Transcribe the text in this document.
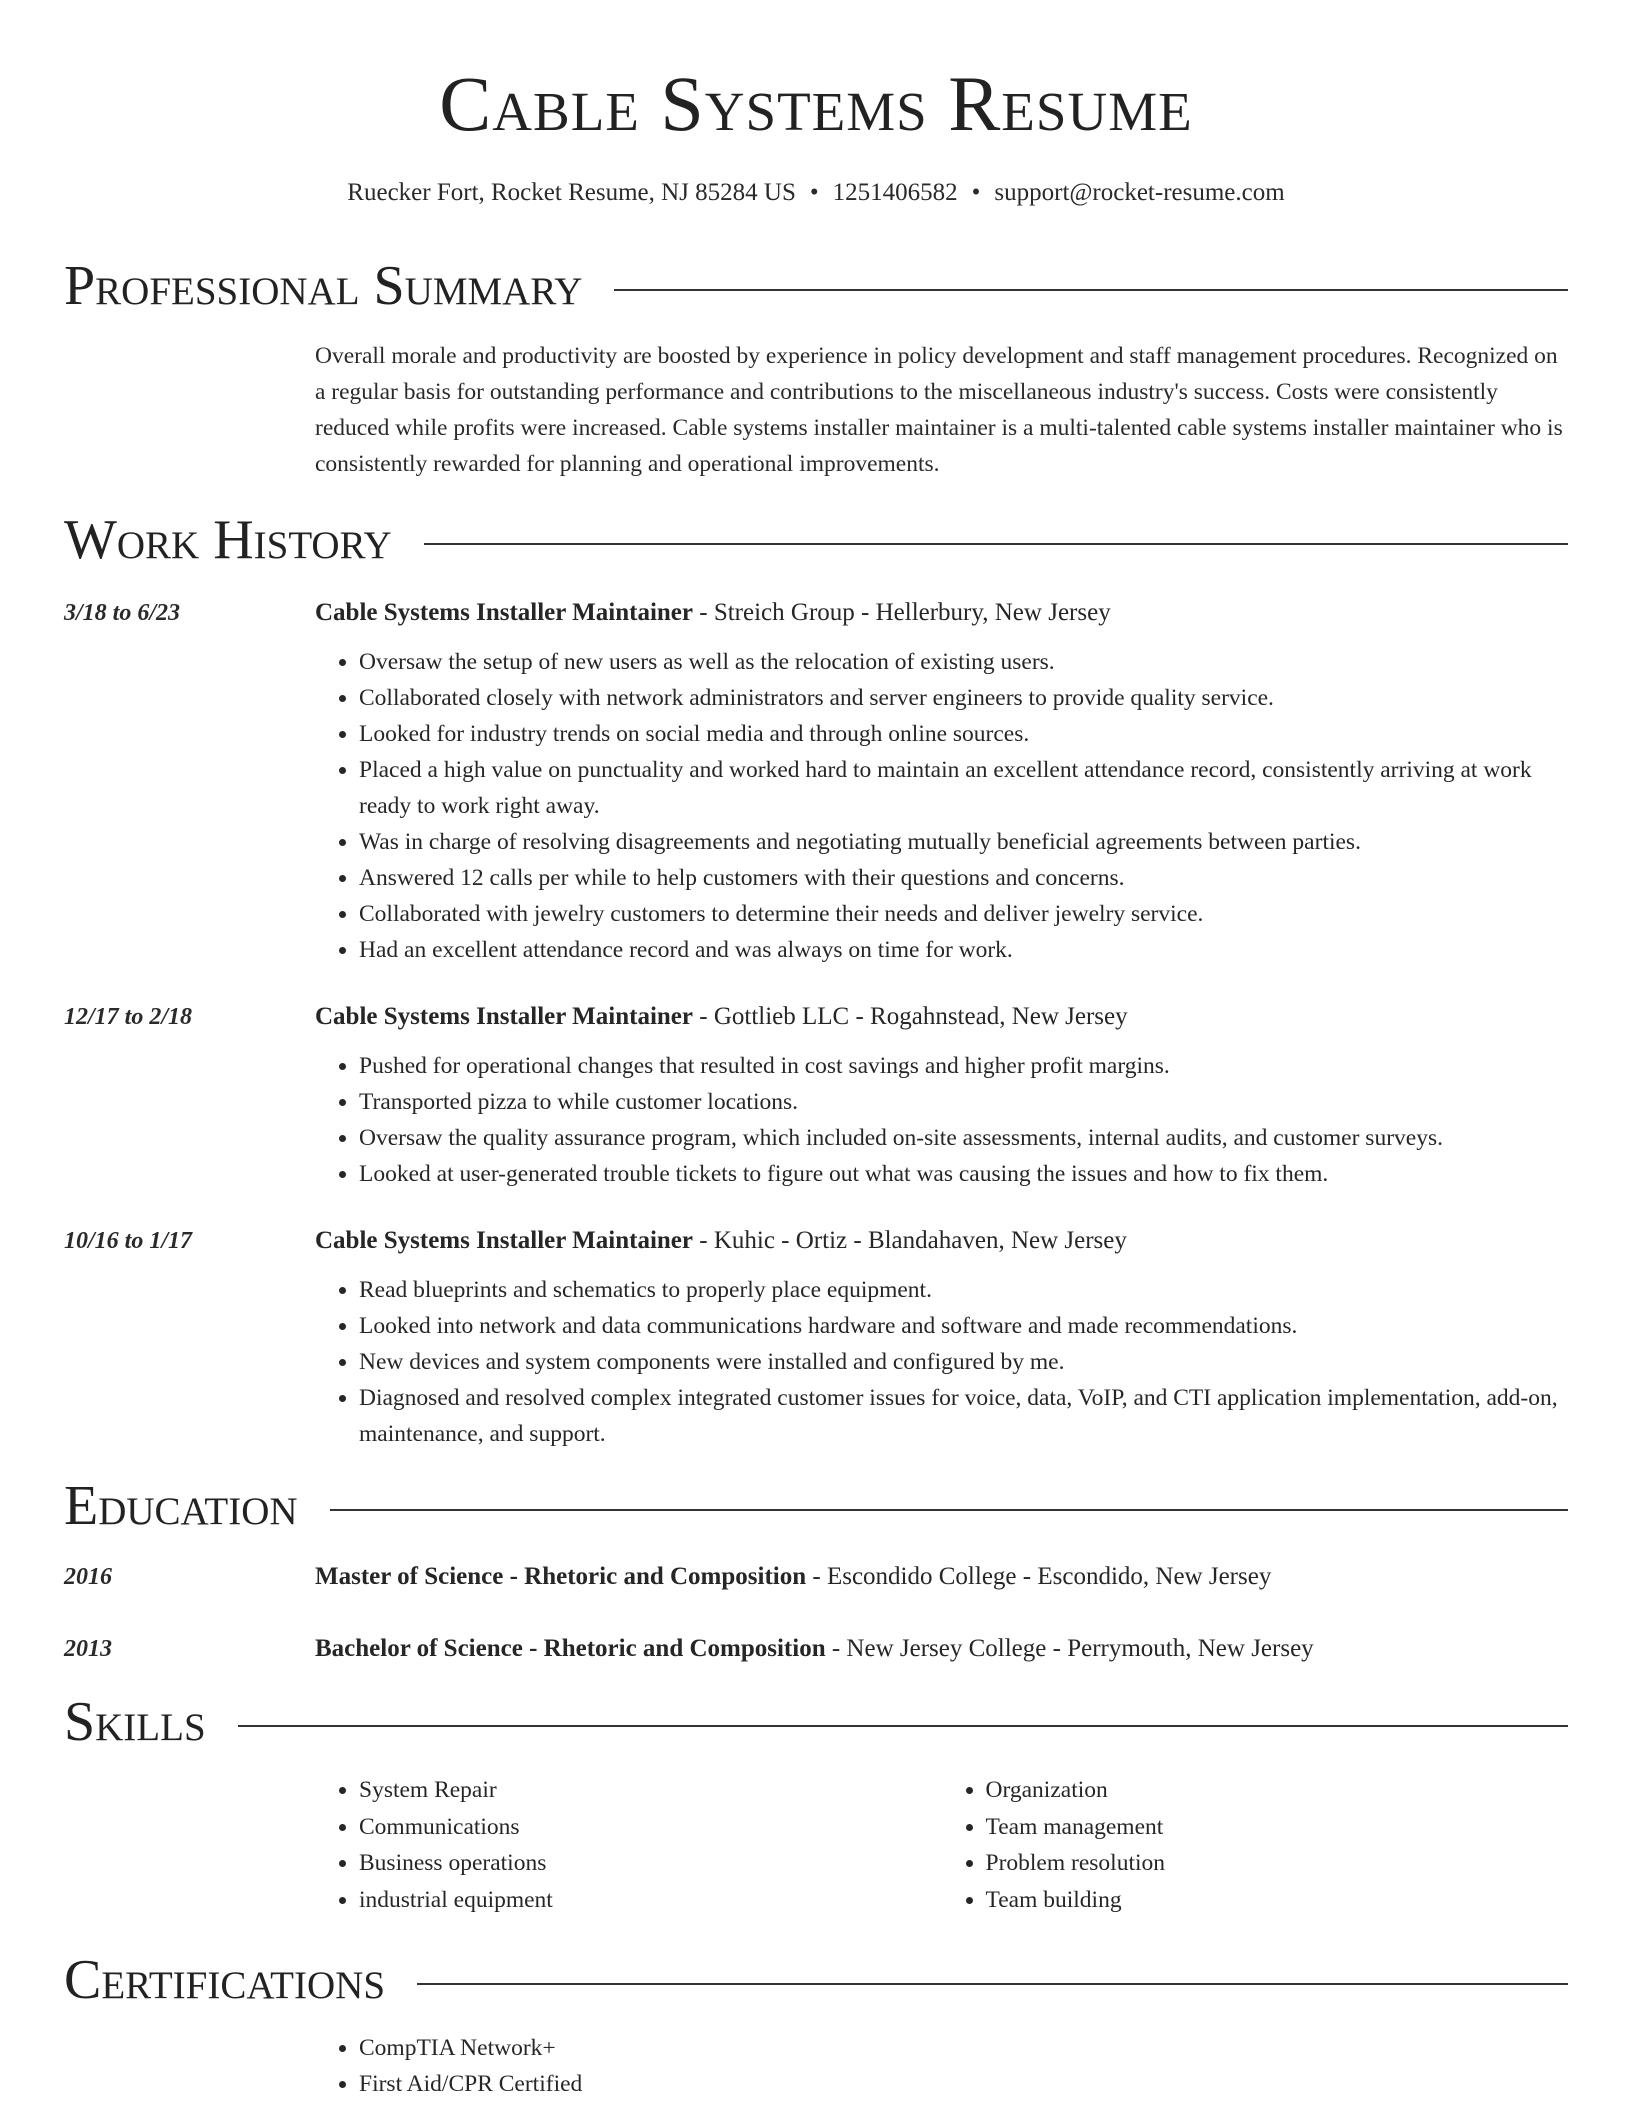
Cable Systems Resume
Ruecker Fort, Rocket Resume, NJ 85284 US • 1251406582 • support@rocket-resume.com
Professional Summary
Overall morale and productivity are boosted by experience in policy development and staff management procedures. Recognized on a regular basis for outstanding performance and contributions to the miscellaneous industry's success. Costs were consistently reduced while profits were increased. Cable systems installer maintainer is a multi-talented cable systems installer maintainer who is consistently rewarded for planning and operational improvements.
Work History
3/18 to 6/23	Cable Systems Installer Maintainer - Streich Group - Hellerbury, New Jersey
• Oversaw the setup of new users as well as the relocation of existing users.
• Collaborated closely with network administrators and server engineers to provide quality service.
• Looked for industry trends on social media and through online sources.
• Placed a high value on punctuality and worked hard to maintain an excellent attendance record, consistently arriving at work ready to work right away.
• Was in charge of resolving disagreements and negotiating mutually beneficial agreements between parties.
• Answered 12 calls per while to help customers with their questions and concerns.
• Collaborated with jewelry customers to determine their needs and deliver jewelry service.
• Had an excellent attendance record and was always on time for work.
12/17 to 2/18	Cable Systems Installer Maintainer - Gottlieb LLC - Rogahnstead, New Jersey
• Pushed for operational changes that resulted in cost savings and higher profit margins.
• Transported pizza to while customer locations.
• Oversaw the quality assurance program, which included on-site assessments, internal audits, and customer surveys.
• Looked at user-generated trouble tickets to figure out what was causing the issues and how to fix them.
10/16 to 1/17	Cable Systems Installer Maintainer - Kuhic - Ortiz - Blandahaven, New Jersey
• Read blueprints and schematics to properly place equipment.
• Looked into network and data communications hardware and software and made recommendations.
• New devices and system components were installed and configured by me.
• Diagnosed and resolved complex integrated customer issues for voice, data, VoIP, and CTI application implementation, add-on, maintenance, and support.
Education
2016	Master of Science - Rhetoric and Composition - Escondido College - Escondido, New Jersey
2013	Bachelor of Science - Rhetoric and Composition - New Jersey College - Perrymouth, New Jersey
Skills
• System Repair
• Communications
• Business operations
• industrial equipment
• Organization
• Team management
• Problem resolution
• Team building
Certifications
• CompTIA Network+
• First Aid/CPR Certified
